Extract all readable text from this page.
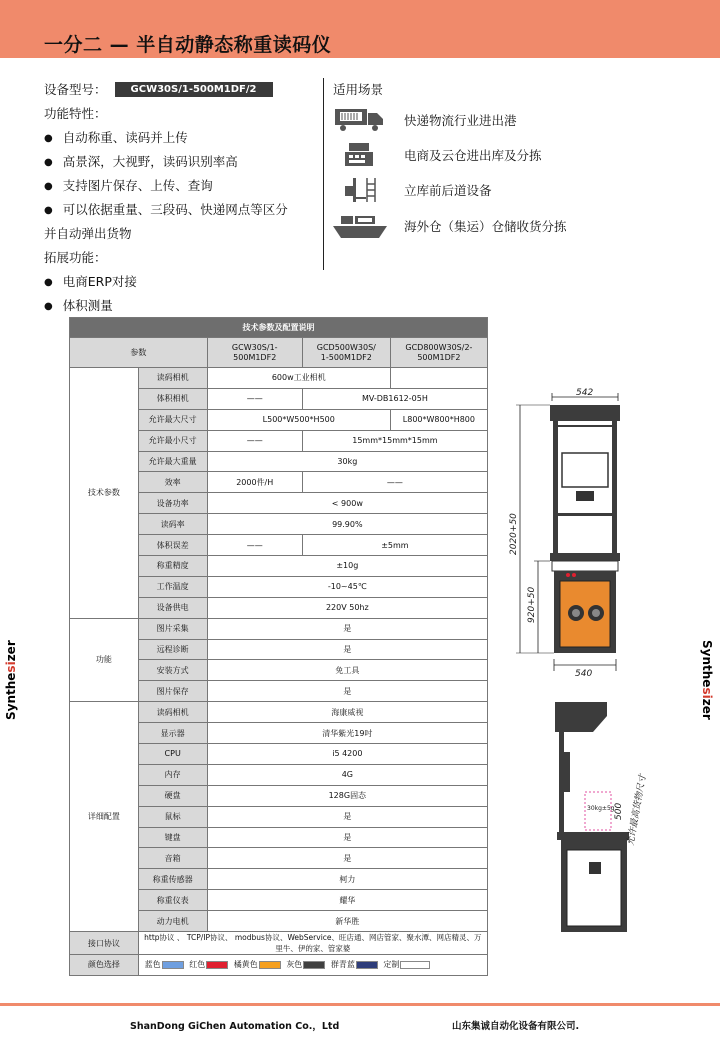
一分二 — 半自动静态称重读码仪
设备型号：	GCW30S/1-500M1DF/2
功能特性：
● 自动称重、读码并上传
● 高景深，大视野，读码识别率高
● 支持图片保存、上传、查询
● 可以依据重量、三段码、快递网点等区分
并自动弹出货物
拓展功能：
● 电商ERP对接
● 体积测量
适用场景
快递物流行业进出港
电商及云仓进出库及分拣
立库前后道设备
海外仓（集运）仓储收货分拣
技术参数及配置说明				
参数		GCW30S/1-
500M1DF2	GCD500W30S/
1-500M1DF2	GCD800W30S/2-
500M1DF2
技术参数	读码相机	600w工业相机		
	体积相机	——	MV-DB1612-05H	
	允许最大尺寸	L500*W500*H500		L800*W800*H800
	允许最小尺寸	——	15mm*15mm*15mm	
	允许最大重量	30kg		
	效率	2000件/H	——	
	设备功率	< 900w		
	读码率	99.90%		
	体积误差	——	±5mm	
	称重精度	±10g		
	工作温度	-10~45℃		
	设备供电	220V 50hz		
功能	图片采集	是		
	远程诊断	是		
	安装方式	免工具		
	图片保存	是		
详细配置	读码相机	海康威视		
	显示器	清华紫光19吋		
	CPU	i5 4200		
	内存	4G		
	硬盘	128G固态		
	鼠标	是		
	键盘	是		
	音箱	是		
	称重传感器	柯力		
	称重仪表	耀华		
	动力电机	新华胜		
接口协议	http协议 、 TCP/IP协议、 modbus协议、WebService、旺店通、网店管家、聚水潭、网店精灵、万里牛、伊的家、管家婆			
颜色选择	蓝色 红色 橘黄色 灰色 群青蓝 定制			
542
2020+50
920+50
540
30kg±5g 500 允许最高货物尺寸
Synthesizer	Synthesizer
ShanDong GiChen Automation Co.，Ltd	山东集诚自动化设备有限公司.
